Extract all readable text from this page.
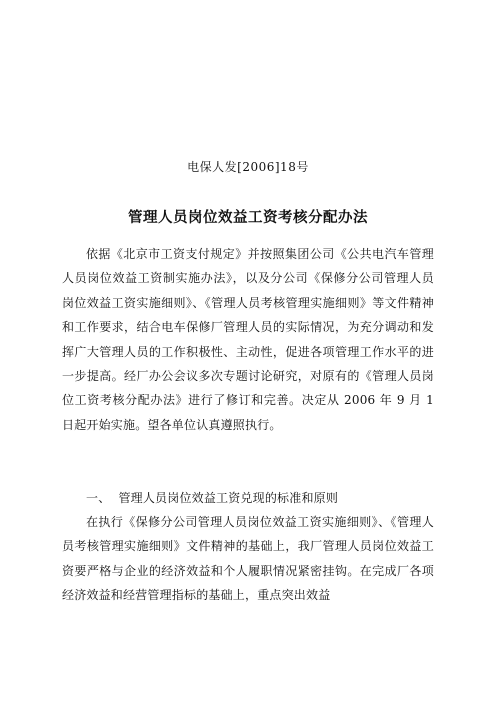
电保人发[2006]18号
管理人员岗位效益工资考核分配办法

依据《北京市工资支付规定》并按照集团公司《公共电汽车管理人员岗位效益工资制实施办法》，以及分公司《保修分公司管理人员岗位效益工资实施细则》、《管理人员考核管理实施细则》等文件精神和工作要求，结合电车保修厂管理人员的实际情况，为充分调动和发挥广大管理人员的工作积极性、主动性，促进各项管理工作水平的进一步提高。经厂办公会议多次专题讨论研究，对原有的《管理人员岗位工资考核分配办法》进行了修订和完善。决定从 2006 年 9 月 1 日起开始实施。望各单位认真遵照执行。

一、 管理人员岗位效益工资兑现的标准和原则

在执行《保修分公司管理人员岗位效益工资实施细则》、《管理人员考核管理实施细则》文件精神的基础上，我厂管理人员岗位效益工资要严格与企业的经济效益和个人履职情况紧密挂钩。在完成厂各项经济效益和经营管理指标的基础上，重点突出效益
